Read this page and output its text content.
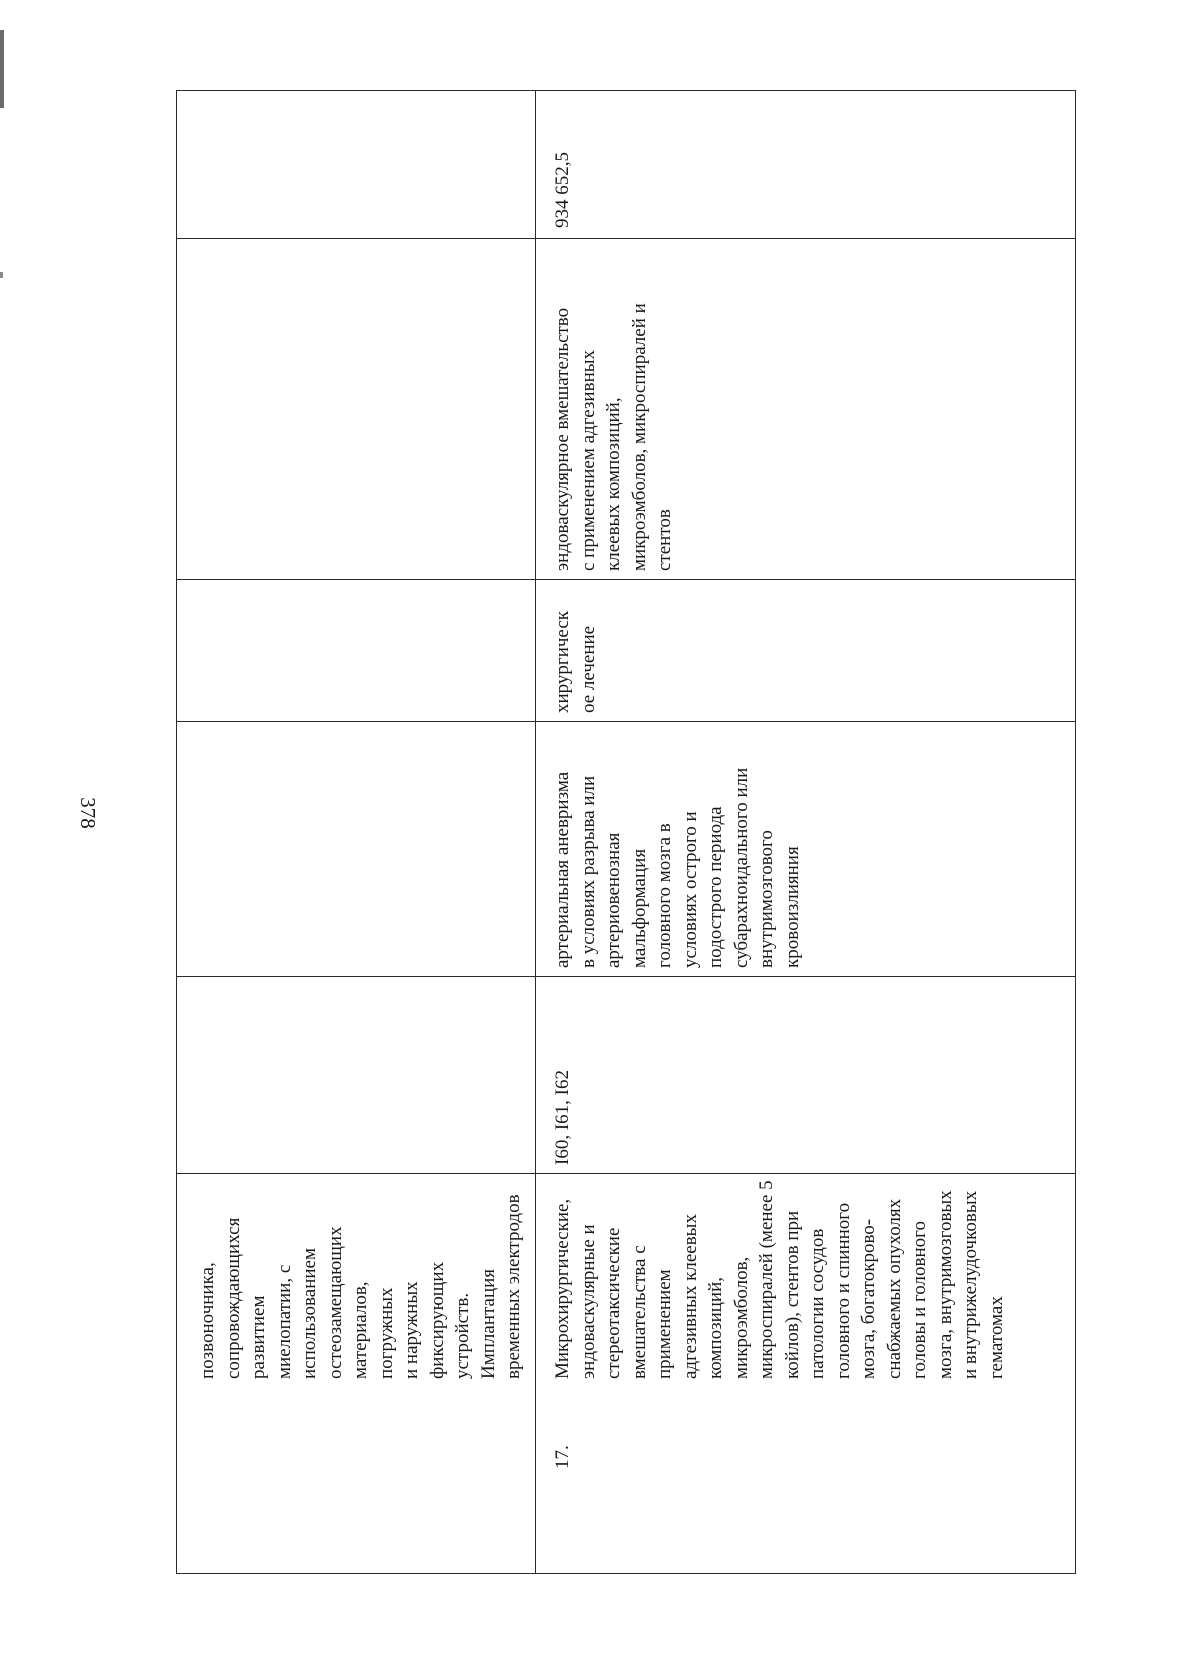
378
позвоночника,
сопровождающихся
развитием миелопатии, с
использованием
остеозамещающих
материалов, погружных
и наружных
фиксирующих
устройств. Имплантация
временных электродов

17.
Микрохирургические,
эндоваскулярные и
стереотаксические
вмешательства с
применением
адгезивных клеевых
композиций,
микроэмболов,
микроспиралей (менее 5
койлов), стентов при
патологии сосудов
головного и спинного
мозга, богатокрово-
снабжаемых опухолях
головы и головного
мозга, внутримозговых
и внутрижелудочковых
гематомах
I60, I61, I62
артериальная аневризма
в условиях разрыва или
артериовенозная
мальформация
головного мозга в
условиях острого и
подострого периода
субарахноидального или
внутримозгового
кровоизлияния
хирургическ
ое лечение
эндоваскулярное вмешательство
с применением адгезивных
клеевых композиций,
микроэмболов, микроспиралей и
стентов
934 652,5
